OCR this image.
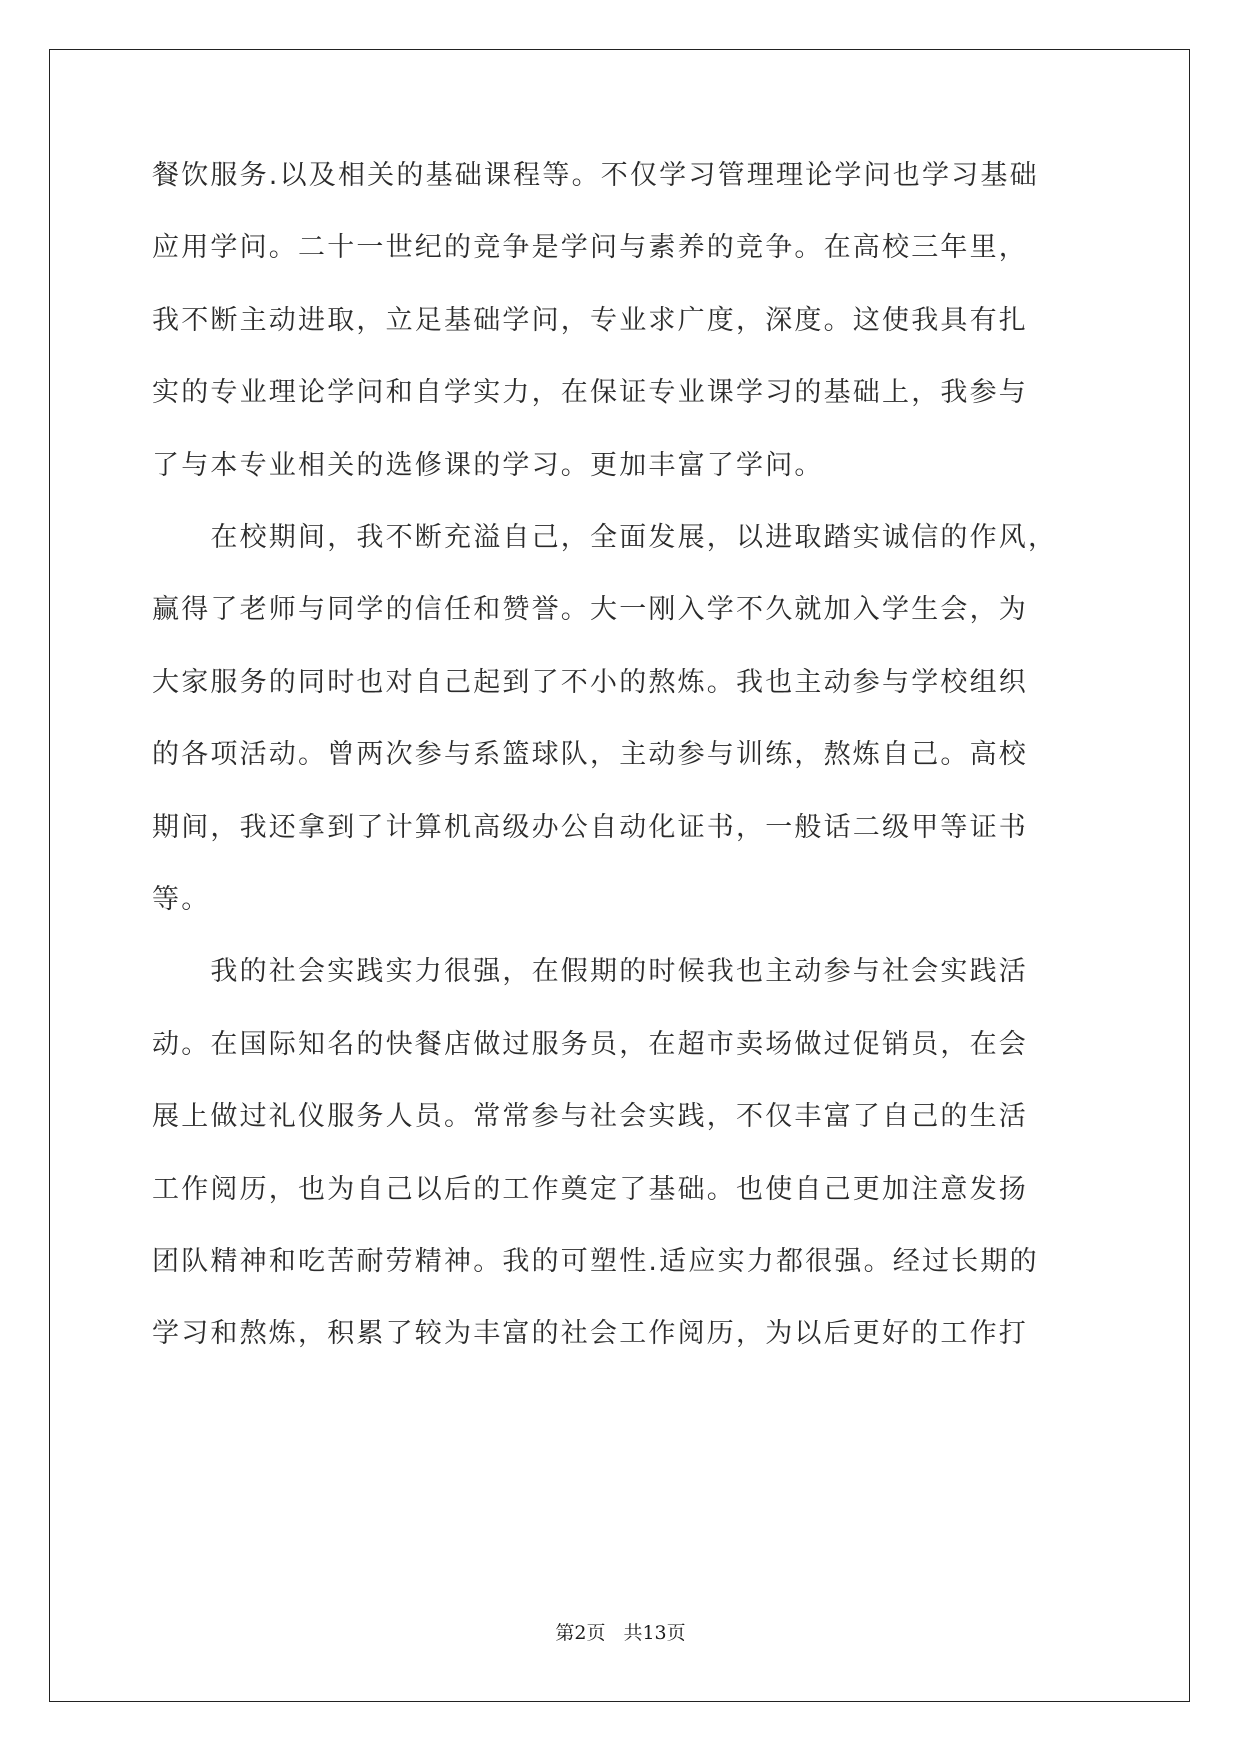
餐饮服务.以及相关的基础课程等。不仅学习管理理论学问也学习基础
应用学问。二十一世纪的竞争是学问与素养的竞争。在高校三年里，
我不断主动进取，立足基础学问，专业求广度，深度。这使我具有扎
实的专业理论学问和自学实力，在保证专业课学习的基础上，我参与
了与本专业相关的选修课的学习。更加丰富了学问。
　　在校期间，我不断充溢自己，全面发展，以进取踏实诚信的作风，
赢得了老师与同学的信任和赞誉。大一刚入学不久就加入学生会，为
大家服务的同时也对自己起到了不小的熬炼。我也主动参与学校组织
的各项活动。曾两次参与系篮球队，主动参与训练，熬炼自己。高校
期间，我还拿到了计算机高级办公自动化证书，一般话二级甲等证书
等。
　　我的社会实践实力很强，在假期的时候我也主动参与社会实践活
动。在国际知名的快餐店做过服务员，在超市卖场做过促销员，在会
展上做过礼仪服务人员。常常参与社会实践，不仅丰富了自己的生活
工作阅历，也为自己以后的工作奠定了基础。也使自己更加注意发扬
团队精神和吃苦耐劳精神。我的可塑性.适应实力都很强。经过长期的
学习和熬炼，积累了较为丰富的社会工作阅历，为以后更好的工作打
第2页 共13页
